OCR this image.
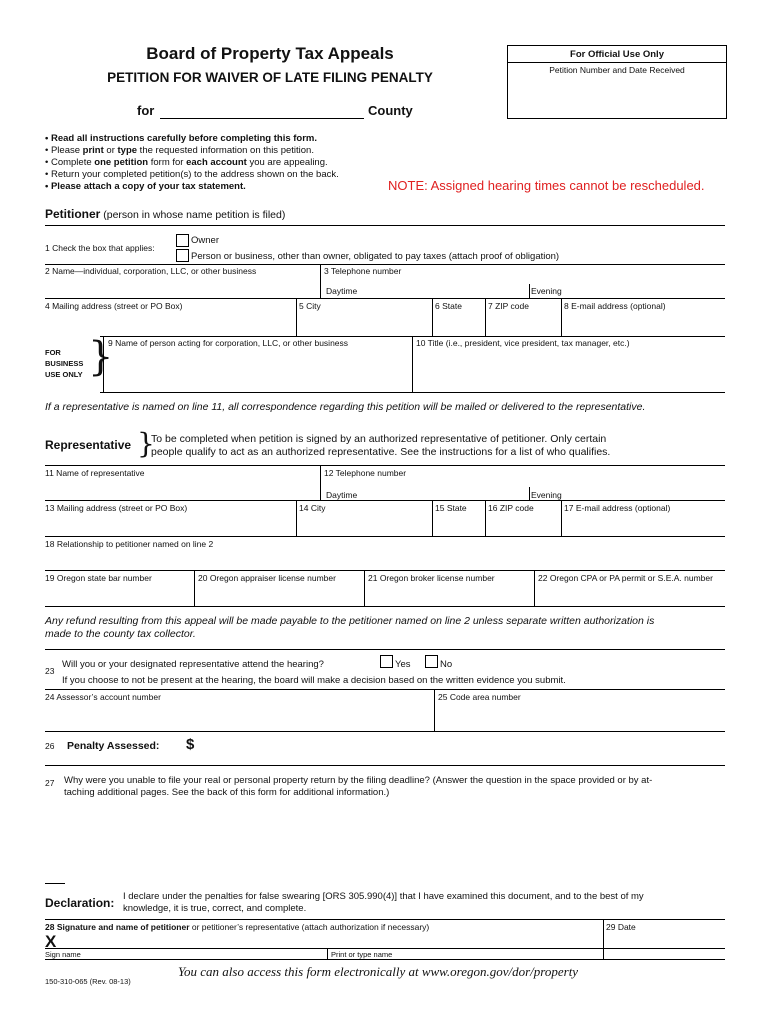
Board of Property Tax Appeals
PETITION FOR WAIVER OF LATE FILING PENALTY
for	County
For Official Use Only
Petition Number and Date Received
• Read all instructions carefully before completing this form.
• Please print or type the requested information on this petition.
• Complete one petition form for each account you are appealing.
• Return your completed petition(s) to the address shown on the back.
• Please attach a copy of your tax statement.	NOTE: Assigned hearing times cannot be rescheduled.
Petitioner (person in whose name petition is filed)
1 Check the box that applies:
Owner
Person or business, other than owner, obligated to pay taxes (attach proof of obligation)
2 Name—individual, corporation, LLC, or other business	3 Telephone number
Daytime	Evening
4 Mailing address (street or PO Box)	5 City	6 State	7 ZIP code	8 E-mail address (optional)
FOR BUSINESS USE ONLY }
9 Name of person acting for corporation, LLC, or other business	10 Title (i.e., president, vice president, tax manager, etc.)
If a representative is named on line 11, all correspondence regarding this petition will be mailed or delivered to the representative.
Representative }
To be completed when petition is signed by an authorized representative of petitioner. Only certain
people qualify to act as an authorized representative. See the instructions for a list of who qualifies.
11 Name of representative	12 Telephone number
Daytime	Evening
13 Mailing address (street or PO Box)	14 City	15 State	16 ZIP code	17 E-mail address (optional)
18 Relationship to petitioner named on line 2
19 Oregon state bar number	20 Oregon appraiser license number	21 Oregon broker license number	22 Oregon CPA or PA permit or S.E.A. number
Any refund resulting from this appeal will be made payable to the petitioner named on line 2 unless separate written authorization is
made to the county tax collector.
23
Will you or your designated representative attend the hearing?	Yes	No
If you choose to not be present at the hearing, the board will make a decision based on the written evidence you submit.
24 Assessor’s account number	25 Code area number
26 Penalty Assessed: $
27 Why were you unable to file your real or personal property return by the filing deadline? (Answer the question in the space provided or by at-
taching additional pages. See the back of this form for additional information.)
Declaration: I declare under the penalties for false swearing [ORS 305.990(4)] that I have examined this document, and to the best of my
knowledge, it is true, correct, and complete.
28 Signature and name of petitioner or petitioner’s representative (attach authorization if necessary)	29 Date
X
Sign name	Print or type name
You can also access this form electronically at www.oregon.gov/dor/property
150-310-065 (Rev. 08-13)
